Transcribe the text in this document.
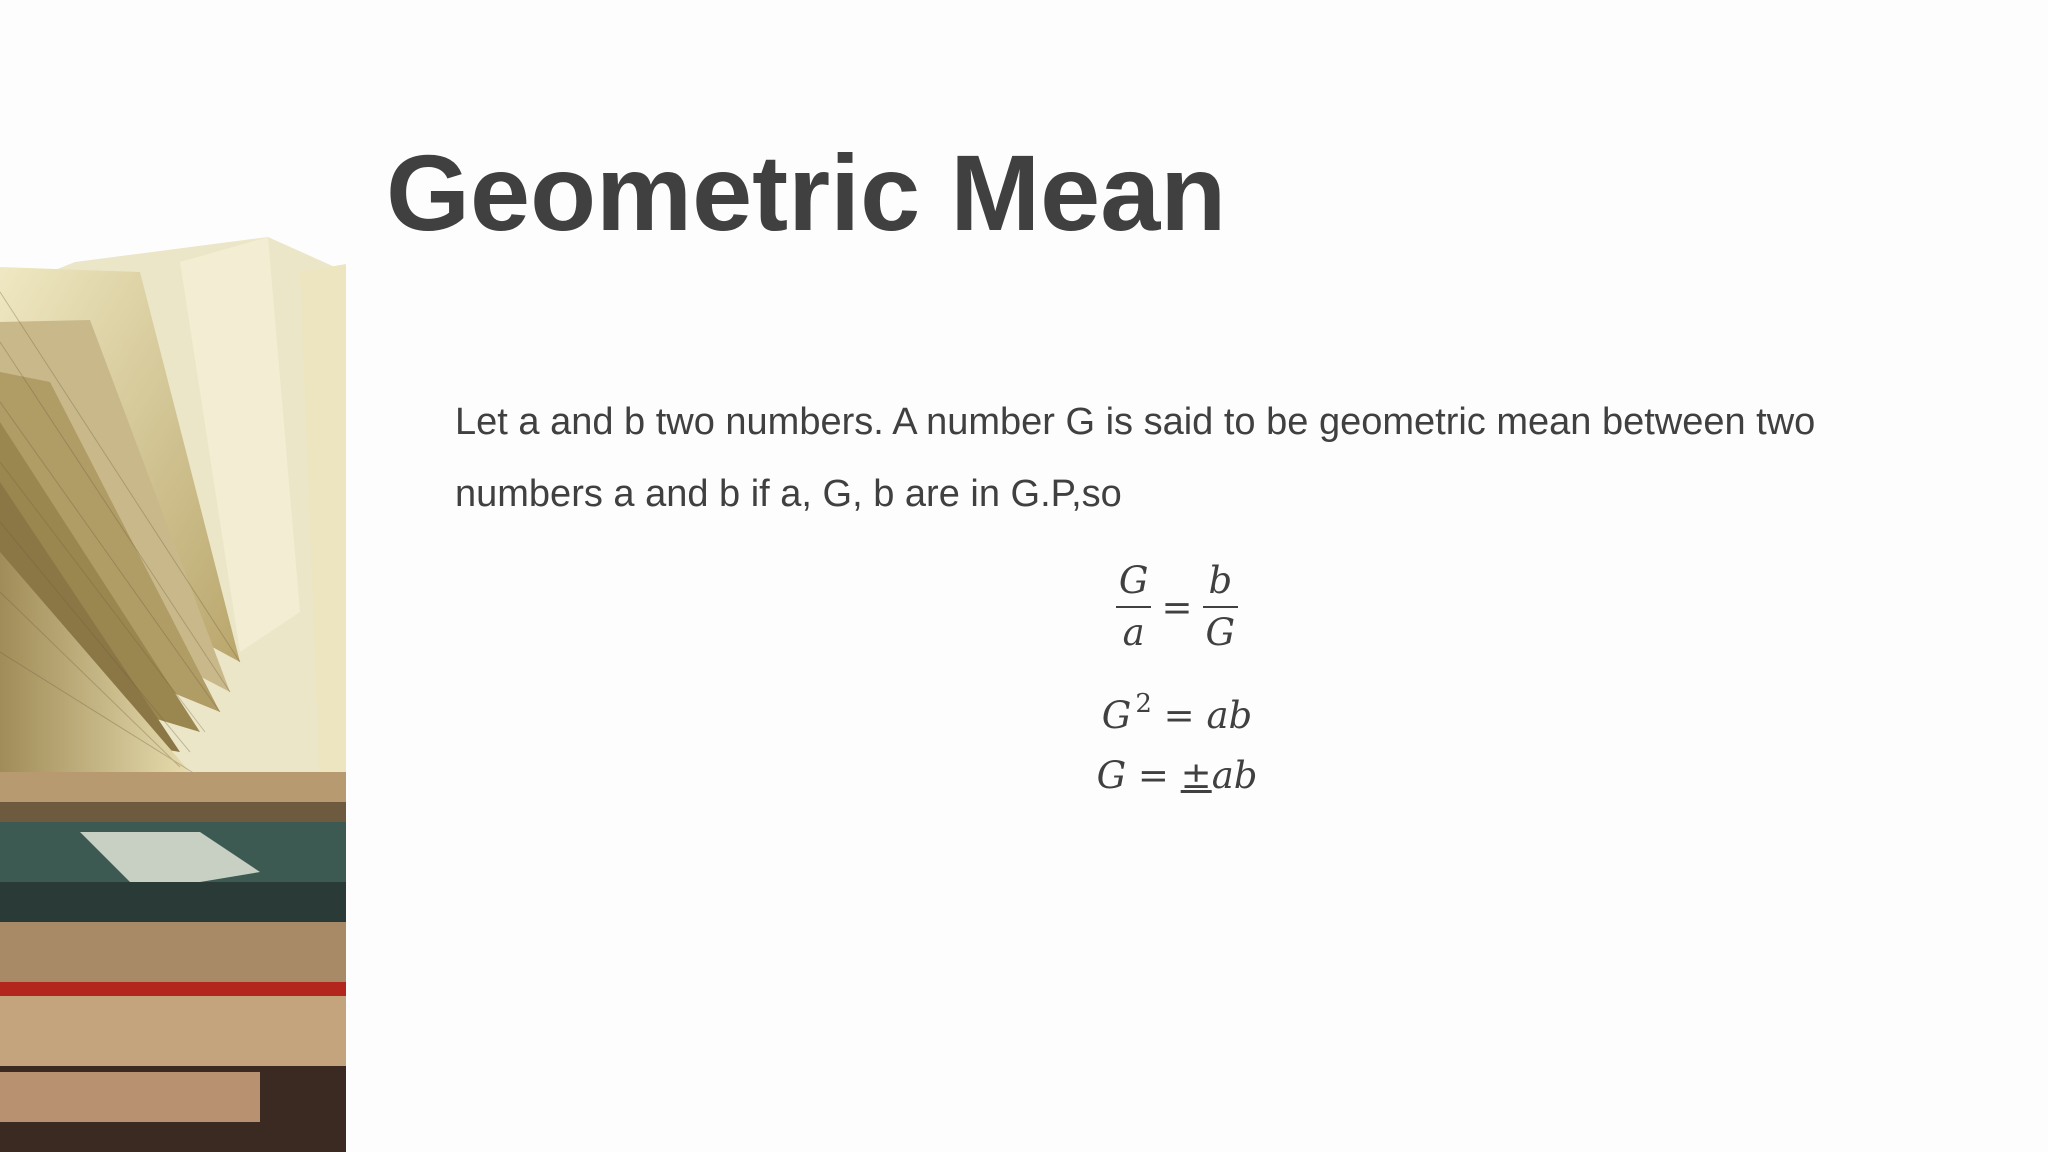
Geometric Mean

Let a and b two numbers. A number G is said to be geometric mean between two numbers a and b if a, G, b are in G.P,so

$\frac{G}{a} = \frac{b}{G}$
G $^2$ = ab
G = ±ab
